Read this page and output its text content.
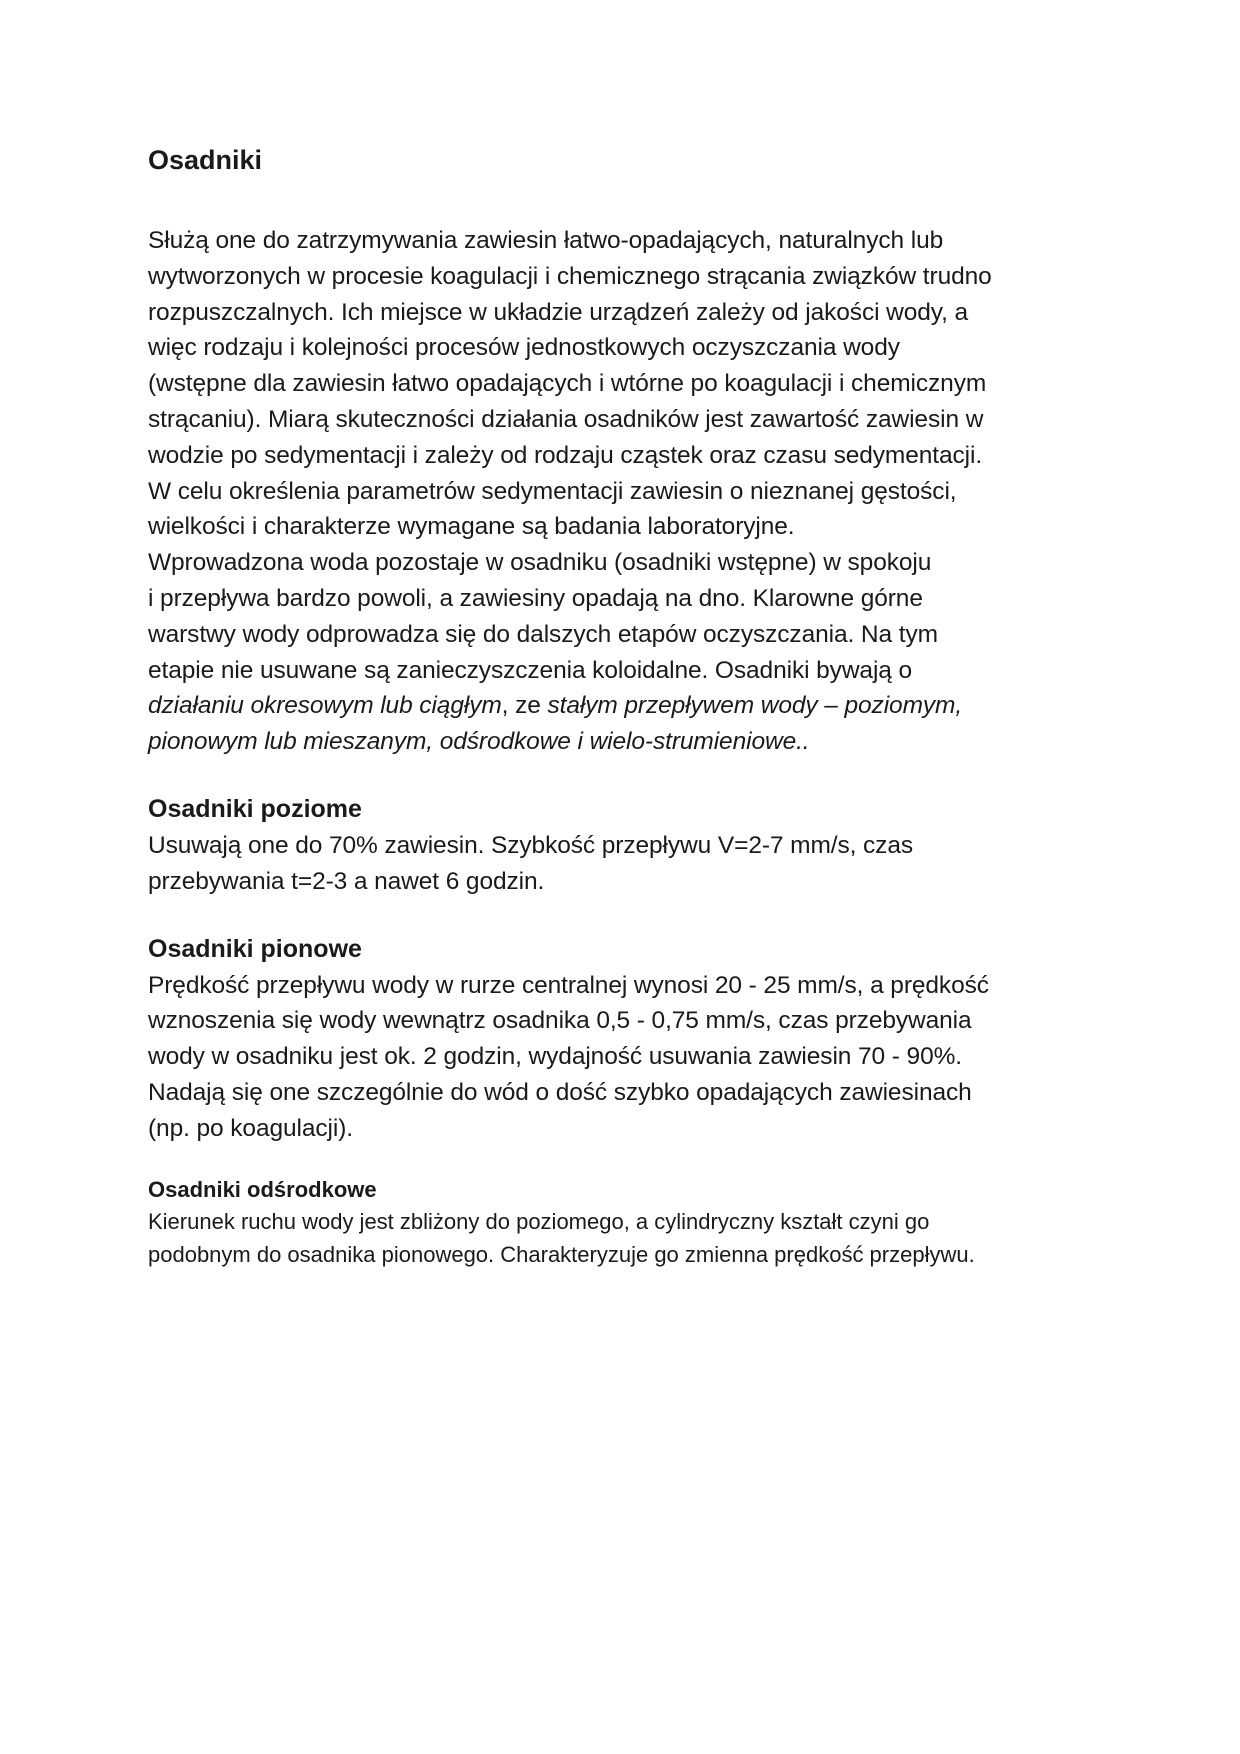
Osadniki

Służą one do zatrzymywania zawiesin łatwo-opadających, naturalnych lub
wytworzonych w procesie koagulacji i chemicznego strącania związków trudno
rozpuszczalnych. Ich miejsce w układzie urządzeń zależy od jakości wody, a
więc rodzaju i kolejności procesów jednostkowych oczyszczania wody
(wstępne dla zawiesin łatwo opadających i wtórne po koagulacji i chemicznym
strącaniu). Miarą skuteczności działania osadników jest zawartość zawiesin w
wodzie po sedymentacji i zależy od rodzaju cząstek oraz czasu sedymentacji.
W celu określenia parametrów sedymentacji zawiesin o nieznanej gęstości,
wielkości i charakterze wymagane są badania laboratoryjne.
Wprowadzona woda pozostaje w osadniku (osadniki wstępne) w spokoju
i przepływa bardzo powoli, a zawiesiny opadają na dno. Klarowne górne
warstwy wody odprowadza się do dalszych etapów oczyszczania. Na tym
etapie nie usuwane są zanieczyszczenia koloidalne. Osadniki bywają o
działaniu okresowym lub ciągłym, ze stałym przepływem wody – poziomym,
pionowym lub mieszanym, odśrodkowe i wielo-strumieniowe..

Osadniki poziome

Usuwają one do 70% zawiesin. Szybkość przepływu V=2-7 mm/s, czas
przebywania t=2-3 a nawet 6 godzin.

Osadniki pionowe

Prędkość przepływu wody w rurze centralnej wynosi 20 - 25 mm/s, a prędkość
wznoszenia się wody wewnątrz osadnika 0,5 - 0,75 mm/s, czas przebywania
wody w osadniku jest ok. 2 godzin, wydajność usuwania zawiesin 70 - 90%.
Nadają się one szczególnie do wód o dość szybko opadających zawiesinach
(np. po koagulacji).

Osadniki odśrodkowe

Kierunek ruchu wody jest zbliżony do poziomego, a cylindryczny kształt czyni go
podobnym do osadnika pionowego. Charakteryzuje go zmienna prędkość przepływu.
